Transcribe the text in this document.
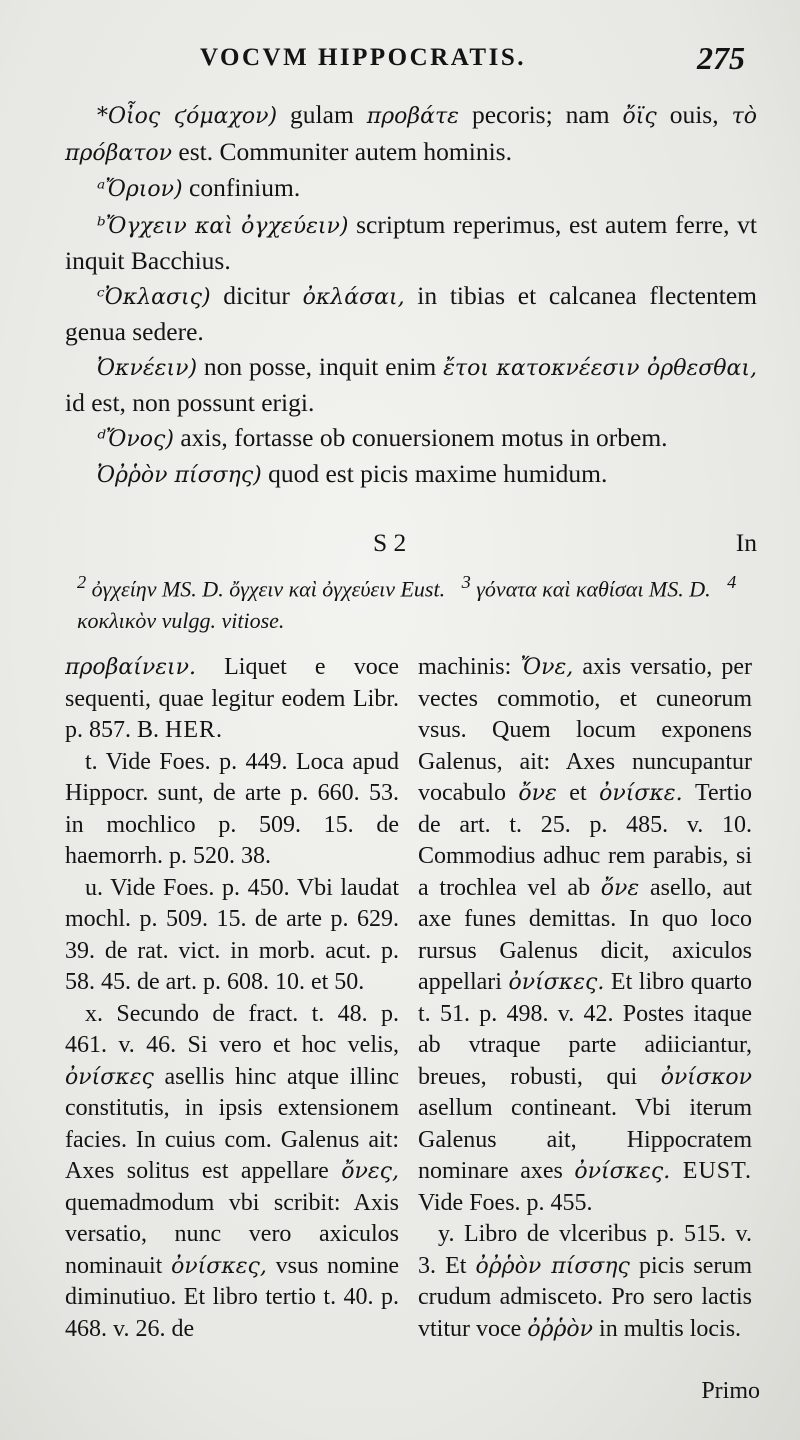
VOCVM HIPPOCRATIS.	275

*Οἶος ϛόμαχον) gulam προβάτε pecoris; nam ὄϊς ouis, τὸ πρόβατον est. Communiter autem hominis.

ᵃὌριον) confinium.

ᵇὌγχειν καὶ ὀγχεύειν) scriptum reperimus, est autem ferre, vt inquit Bacchius.

ᶜὈκλασις) dicitur ὀκλάσαι, in tibias et calcanea flectentem genua sedere.

Ὀκνέειν) non posse, inquit enim ἔτοι κατοκνέεσιν ὀρθεσθαι, id est, non possunt erigi.

ᵈὌνος) axis, fortasse ob conuersionem motus in orbem.

Ὀῤῥὸν πίσσης) quod est picis maxime humidum.

S 2	In

$^2$ ὀγχείην MS. D. ὄγχειν καὶ ὀγχεύειν Eust. $^3$ γόνατα καὶ καθίσαι MS. D. $^4$ κοκλικὸν vulgg. vitiose.

προβαίνειν. Liquet e voce sequenti, quae legitur eodem Libr. p. 857. B. HER.

t. Vide Foes. p. 449. Loca apud Hippocr. sunt, de arte p. 660. 53. in mochlico p. 509. 15. de haemorrh. p. 520. 38.

u. Vide Foes. p. 450. Vbi laudat mochl. p. 509. 15. de arte p. 629. 39. de rat. vict. in morb. acut. p. 58. 45. de art. p. 608. 10. et 50.

x. Secundo de fract. t. 48. p. 461. v. 46. Si vero et hoc velis, ὀνίσκες asellis hinc atque illinc constitutis, in ipsis extensionem facies. In cuius com. Galenus ait: Axes solitus est appellare ὄνες, quemadmodum vbi scribit: Axis versatio, nunc vero axiculos nominauit ὀνίσκες, vsus nomine diminutiuo. Et libro tertio t. 40. p. 468. v. 26. de

machinis: Ὄνε, axis versatio, per vectes commotio, et cuneorum vsus. Quem locum exponens Galenus, ait: Axes nuncupantur vocabulo ὄνε et ὀνίσκε. Tertio de art. t. 25. p. 485. v. 10. Commodius adhuc rem parabis, si a trochlea vel ab ὄνε asello, aut axe funes demittas. In quo loco rursus Galenus dicit, axiculos appellari ὀνίσκες. Et libro quarto t. 51. p. 498. v. 42. Postes itaque ab vtraque parte adiiciantur, breues, robusti, qui ὀνίσκον asellum contineant. Vbi iterum Galenus ait, Hippocratem nominare axes ὀνίσκες. EUST. Vide Foes. p. 455.

y. Libro de vlceribus p. 515. v. 3. Et ὀῤῥὸν πίσσης picis serum crudum admisceto. Pro sero lactis vtitur voce ὀῤῥὸν in multis locis.

Primo
